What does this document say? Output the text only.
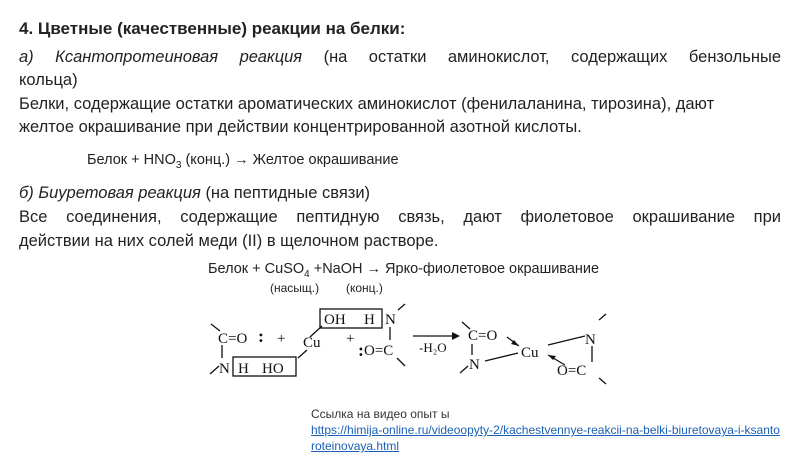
4. Цветные (качественные) реакции на белки:
а) Ксантопротеиновая реакция (на остатки аминокислот, содержащих бензольные
кольца)
Белки, содержащие остатки ароматических аминокислот (фенилаланина, тирозина), дают
желтое окрашивание при действии концентрированной азотной кислоты.
Белок + $HNO_3$ (конц.) → Желтое окрашивание
б) Биуретовая реакция (на пептидные связи)
Все соединения, содержащие пептидную связь, дают фиолетовое окрашивание при
действии на них солей меди (II) в щелочном растворе.
Белок + CuSO$_4$ +NaOH → Ярко-фиолетовое окрашивание
(насыщ.) (конц.)
C=O :
N H HO
+
OH H N
Cu +
: O=C -H₂O
C=O
N
Cu
N
O=C
Ссылка на видео опыт ы
https://himija-online.ru/videoopyty-2/kachestvennye-reakcii-na-belki-biuretovaya-i-ksanto
roteinovaya.html
